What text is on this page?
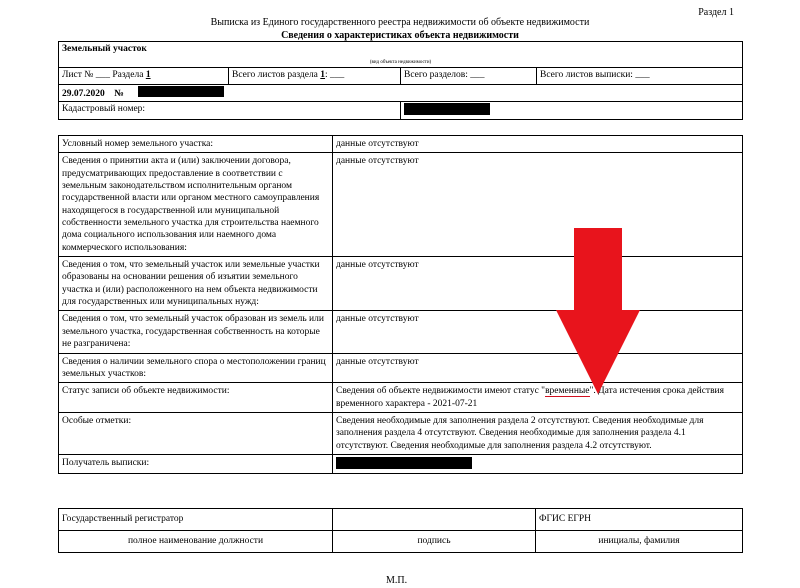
Раздел 1
Выписка из Единого государственного реестра недвижимости об объекте недвижимости
Сведения о характеристиках объекта недвижимости
Земельный участок			
(вид объекта недвижимости)			
Лист № ___ Раздела 1	Всего листов раздела 1: ___	Всего разделов: ___	Всего листов выписки: ___
29.07.2020 №			
Кадастровый номер:			
Условный номер земельного участка:	данные отсутствуют
Сведения о принятии акта и (или) заключении договора, предусматривающих предоставление в соответствии с земельным законодательством исполнительным органом государственной власти или органом местного самоуправления находящегося в государственной или муниципальной собственности земельного участка для строительства наемного дома социального использования или наемного дома коммерческого использования:	данные отсутствуют
Сведения о том, что земельный участок или земельные участки образованы на основании решения об изъятии земельного участка и (или) расположенного на нем объекта недвижимости для государственных или муниципальных нужд:	данные отсутствуют
Сведения о том, что земельный участок образован из земель или земельного участка, государственная собственность на которые не разграничена:	данные отсутствуют
Сведения о наличии земельного спора о местоположении границ земельных участков:	данные отсутствуют
Статус записи об объекте недвижимости:	Сведения об объекте недвижимости имеют статус "временные". Дата истечения срока действия временного характера - 2021-07-21
Особые отметки:	Сведения необходимые для заполнения раздела 2 отсутствуют. Сведения необходимые для заполнения раздела 4 отсутствуют. Сведения необходимые для заполнения раздела 4.1 отсутствуют. Сведения необходимые для заполнения раздела 4.2 отсутствуют.
Получатель выписки:	
Государственный регистратор		ФГИС ЕГРН
полное наименование должности	подпись	инициалы, фамилия
М.П.
